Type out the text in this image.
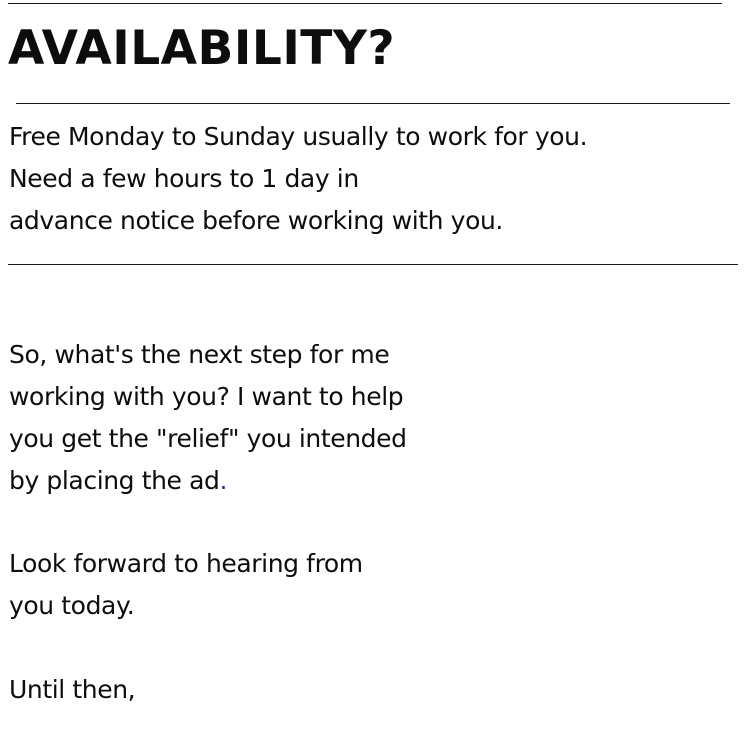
AVAILABILITY?
Free Monday to Sunday usually to work for you.
Need a few hours to 1 day in
advance notice before working with you.
So, what's the next step for me
working with you? I want to help
you get the "relief" you intended
by placing the ad.
Look forward to hearing from
you today.
Until then,
